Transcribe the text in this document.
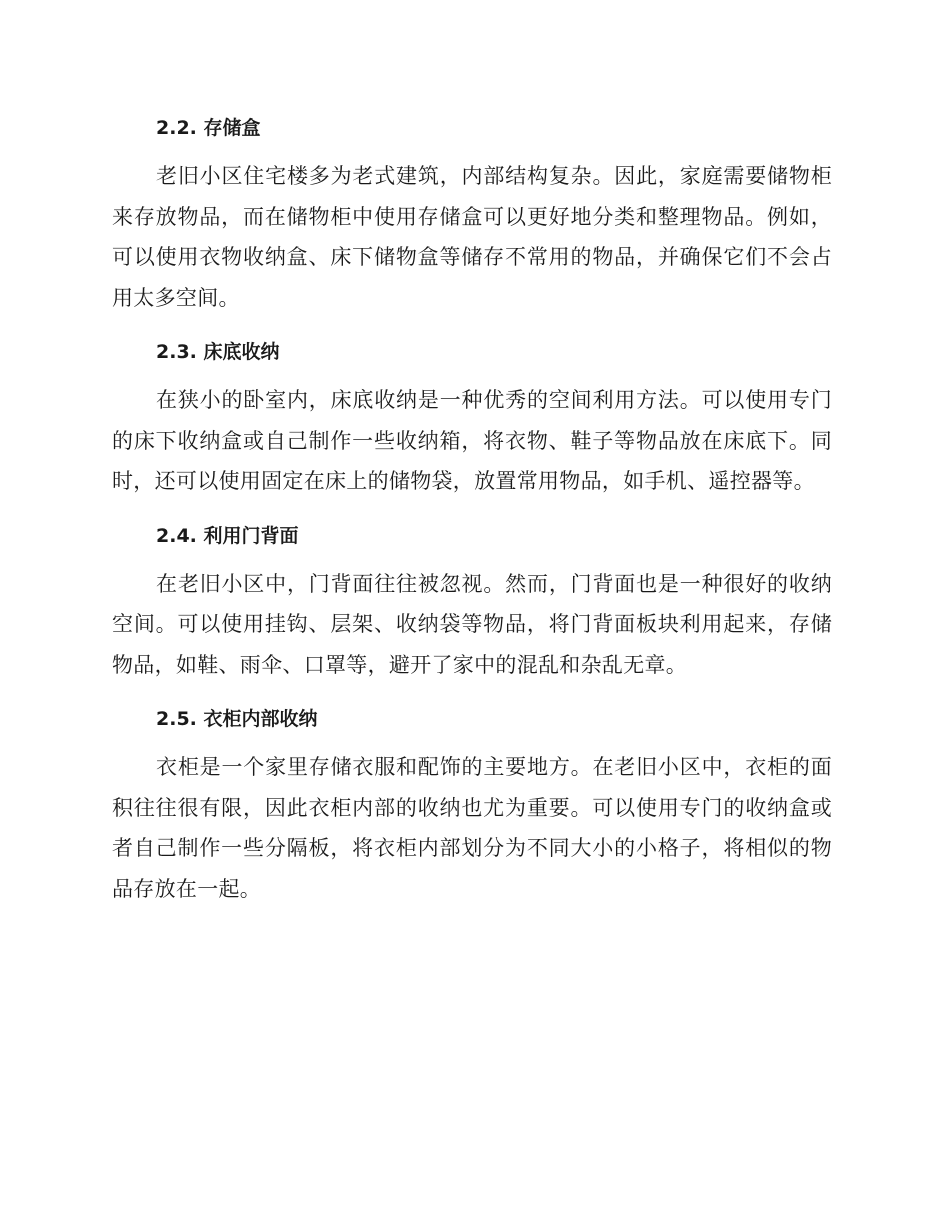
2.2. 存储盒

老旧小区住宅楼多为老式建筑，内部结构复杂。因此，家庭需要储物柜来存放物品，而在储物柜中使用存储盒可以更好地分类和整理物品。例如，可以使用衣物收纳盒、床下储物盒等储存不常用的物品，并确保它们不会占用太多空间。

2.3. 床底收纳

在狭小的卧室内，床底收纳是一种优秀的空间利用方法。可以使用专门的床下收纳盒或自己制作一些收纳箱，将衣物、鞋子等物品放在床底下。同时，还可以使用固定在床上的储物袋，放置常用物品，如手机、遥控器等。

2.4. 利用门背面

在老旧小区中，门背面往往被忽视。然而，门背面也是一种很好的收纳空间。可以使用挂钩、层架、收纳袋等物品，将门背面板块利用起来，存储物品，如鞋、雨伞、口罩等，避开了家中的混乱和杂乱无章。

2.5. 衣柜内部收纳

衣柜是一个家里存储衣服和配饰的主要地方。在老旧小区中，衣柜的面积往往很有限，因此衣柜内部的收纳也尤为重要。可以使用专门的收纳盒或者自己制作一些分隔板，将衣柜内部划分为不同大小的小格子，将相似的物品存放在一起。
